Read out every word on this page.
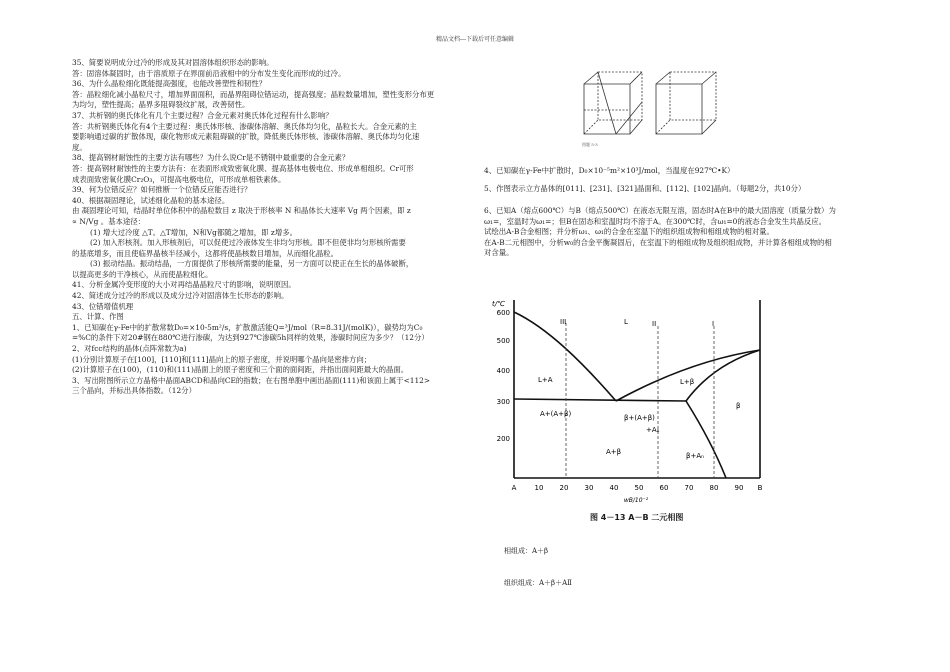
精品文档---下载后可任意编辑

35、简要说明成分过冷的形成及其对固溶体组织形态的影响。

答：固溶体凝固时，由于溶质原子在界面前沿液相中的分布发生变化而形成的过冷。

36、为什么晶粒细化既能提高强度，也能改善塑性和韧性？

答：晶粒细化减小晶粒尺寸，增加界面面积，而晶界阻碍位错运动，提高强度；晶粒数量增加，塑性变形分布更

为均匀，塑性提高；晶界多阻碍裂纹扩展，改善韧性。

37、共析钢的奥氏体化有几个主要过程？合金元素对奥氏体化过程有什么影响？

答：共析钢奥氏体化有4个主要过程：奥氏体形核、渗碳体溶解、奥氏体均匀化，晶粒长大。合金元素的主

要影响通过碳的扩散体现，碳化物形成元素阻碍碳的扩散，降低奥氏体形核、渗碳体溶解、奥氏体均匀化速

度。

38、提高钢材耐蚀性的主要方法有哪些？为什么说Cr是不锈钢中最重要的合金元素？

答：提高钢材耐蚀性的主要方法有：在表面形成致密氧化膜、提高基体电极电位、形成单相组织。Cr可形

成表面致密氧化膜Cr₂O₃，可提高电极电位，可形成单相铁素体。

39、何为位错反应？如何推断一个位错反应能否进行？

40、根据凝固理论，试述细化晶粒的基本途径。

由 凝固理论可知，结晶时单位体积中的晶粒数目 z 取决于形核率 N 和晶体长大速率 Vg 两个因素，即 z

∝ N/Vg 。基本途径：

(1) 增大过冷度 △T。△T增加，N和Vg都随之增加，即 z增多。

(2) 加入形核剂。加入形核剂后，可以促使过冷液体发生非均匀形核。即不但使非均匀形核所需要

的基底增多，而且使临界晶核半径减小，这都将使晶核数目增加，从而细化晶粒。

(3) 振动结晶。振动结晶，一方面提供了形核所需要的能量，另一方面可以使正在生长的晶体破断，

以提高更多的干净核心，从而使晶粒细化。

41、分析金属冷变形度的大小对再结晶晶粒尺寸的影响，说明原因。

42、简述成分过冷的形成以及成分过冷对固溶体生长形态的影响。

43、位错增值机理

五、计算、作图

1、已知碳在γ-Fe中的扩散常数D₀=×10-5m²/s，扩散激活能Q=³J/mol（R=8.31J/(molK)），碳势均为C₀

=%C的条件下对20#钢在880℃进行渗碳，为达到927℃渗碳5h同样的效果，渗碳时间应为多少？（12分）

2、对fcc结构的晶体(点阵常数为a)

(1)分别计算原子在[100]，[110]和[111]晶向上的原子密度，并说明哪个晶向是密排方向；

(2)计算原子在(100)，(110)和(111)晶面上的原子密度和三个面的面间距，并指出面间距最大的晶面。

3、写出附图所示立方晶格中晶面ABCD和晶向CE的指数；在右图单胞中画出晶面(111)和该面上属于<112>

三个晶向，并标出具体指数。（12分）

图题 5-3
4、已知碳在γ-Fe中扩散时，D₀×10⁻⁵m²×10³J/mol，当温度在927℃•K）
5、作图表示立方晶体的[011]、[231]、[321]晶面和、[112]、[102]晶向。（每题2分，共10分）

6、已知A（熔点600℃）与B（熔点500℃）在液态无限互溶，固态时A在B中的最大固溶度（质量分数）为

ω₁=，室温时为ω₁=；但B在固态和室温时均不溶于A。在300℃时，含ω₁=0的液态合金发生共晶反应。

试绘出A-B合金相图；并分析ω₁、ω₁的合金在室温下的组织组成物和相组成物的相对量。

在A-B二元相图中，分析w₀的合金平衡凝固后，在室温下的相组成物及组织组成物，并计算各相组成物的相

对含量。

t/℃
600
500
400
300
200
III	II	I
L
L+A	L+β
A+(A+β)	β+(A+β)
+Aₙ
A+β	β+Aₙ
β
A	10 20 30 40 50 60 70 80 90 B
wB/10⁻²
图 4－13 A－B 二元相图
相组成：A＋β
组织组成：A＋β＋AⅡ
